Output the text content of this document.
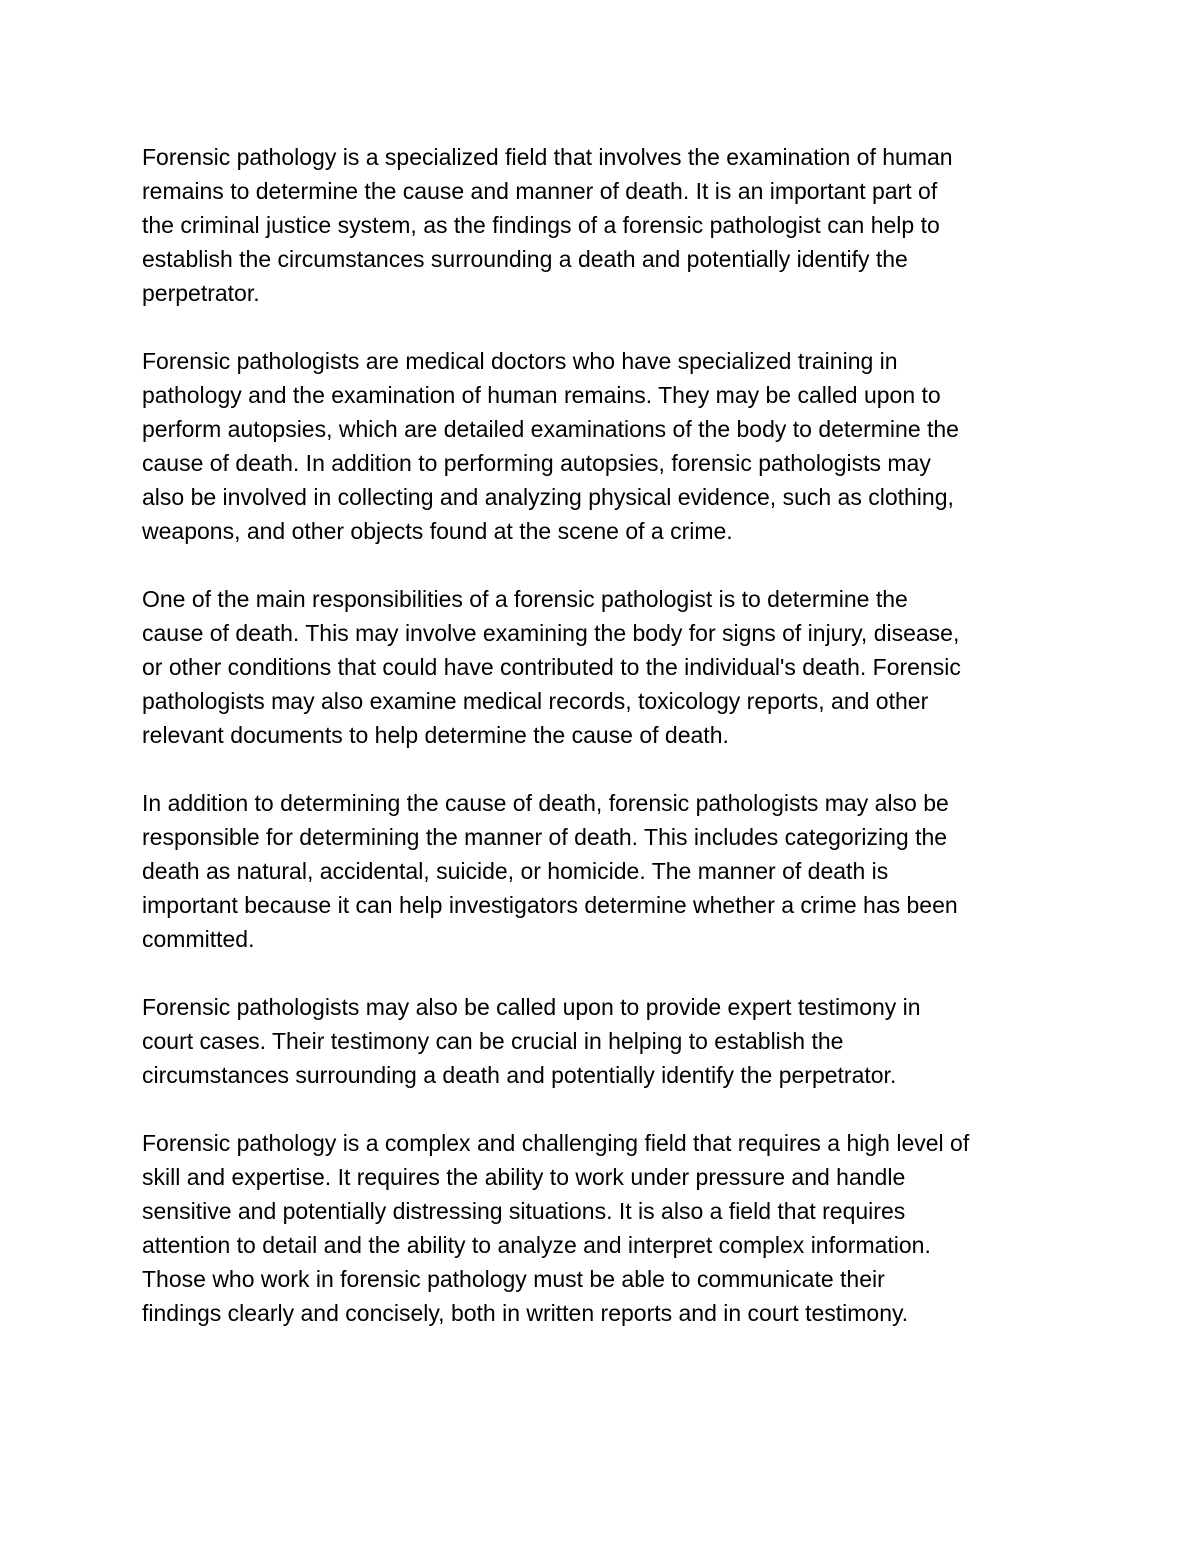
Forensic pathology is a specialized field that involves the examination of human
remains to determine the cause and manner of death. It is an important part of
the criminal justice system, as the findings of a forensic pathologist can help to
establish the circumstances surrounding a death and potentially identify the
perpetrator.

Forensic pathologists are medical doctors who have specialized training in
pathology and the examination of human remains. They may be called upon to
perform autopsies, which are detailed examinations of the body to determine the
cause of death. In addition to performing autopsies, forensic pathologists may
also be involved in collecting and analyzing physical evidence, such as clothing,
weapons, and other objects found at the scene of a crime.

One of the main responsibilities of a forensic pathologist is to determine the
cause of death. This may involve examining the body for signs of injury, disease,
or other conditions that could have contributed to the individual's death. Forensic
pathologists may also examine medical records, toxicology reports, and other
relevant documents to help determine the cause of death.

In addition to determining the cause of death, forensic pathologists may also be
responsible for determining the manner of death. This includes categorizing the
death as natural, accidental, suicide, or homicide. The manner of death is
important because it can help investigators determine whether a crime has been
committed.

Forensic pathologists may also be called upon to provide expert testimony in
court cases. Their testimony can be crucial in helping to establish the
circumstances surrounding a death and potentially identify the perpetrator.

Forensic pathology is a complex and challenging field that requires a high level of
skill and expertise. It requires the ability to work under pressure and handle
sensitive and potentially distressing situations. It is also a field that requires
attention to detail and the ability to analyze and interpret complex information.
Those who work in forensic pathology must be able to communicate their
findings clearly and concisely, both in written reports and in court testimony.
